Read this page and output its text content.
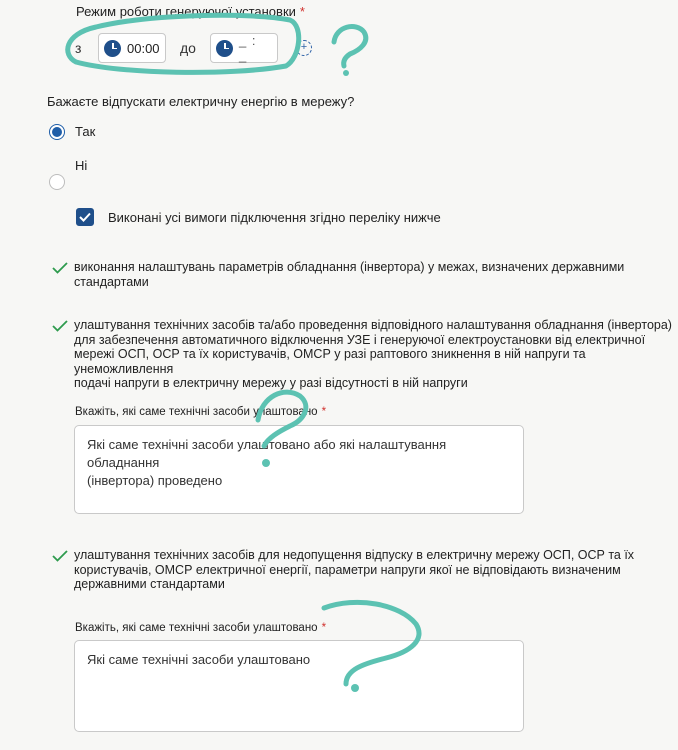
Режим роботи генеруючої установки *
з	00:00 до	_ : _
+
Бажаєте відпускати електричну енергію в мережу?
Так
Ні
Виконані усі вимоги підключення згідно переліку нижче
виконання налаштувань параметрів обладнання (інвертора) у межах, визначених державними
стандартами
улаштування технічних засобів та/або проведення відповідного налаштування обладнання (інвертора)
для забезпечення автоматичного відключення УЗЕ і генеруючої електроустановки від електричної
мережі ОСП, ОСР та їх користувачів, ОМСР у разі раптового зникнення в ній напруги та унеможливлення
подачі напруги в електричну мережу у разі відсутності в ній напруги
Вкажіть, які саме технічні засоби улаштовано *
Які саме технічні засоби улаштовано або які налаштування обладнання
(інвертора) проведено
улаштування технічних засобів для недопущення відпуску в електричну мережу ОСП, ОСР та їх
користувачів, ОМСР електричної енергії, параметри напруги якої не відповідають визначеним
державними стандартами
Вкажіть, які саме технічні засоби улаштовано *
Які саме технічні засоби улаштовано
